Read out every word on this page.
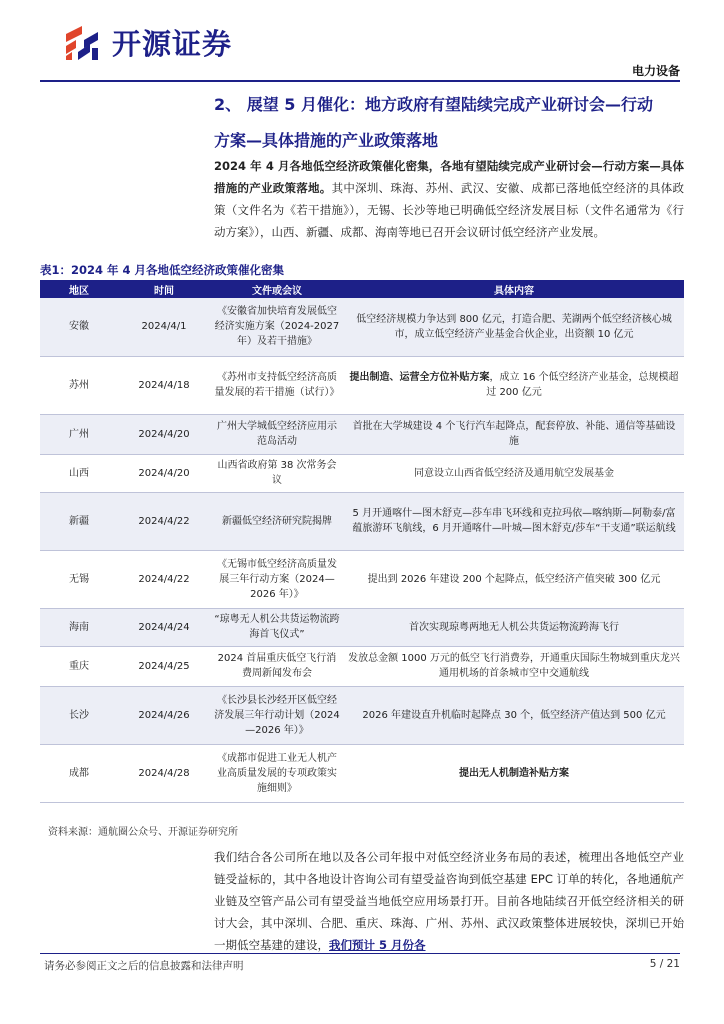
开源证券
电力设备
2、 展望 5 月催化：地方政府有望陆续完成产业研讨会—行动
方案—具体措施的产业政策落地
2024 年 4 月各地低空经济政策催化密集，各地有望陆续完成产业研讨会—行动方案—具体措施的产业政策落地。其中深圳、珠海、苏州、武汉、安徽、成都已落地低空经济的具体政策（文件名为《若干措施》），无锡、长沙等地已明确低空经济发展目标（文件名通常为《行动方案》），山西、新疆、成都、海南等地已召开会议研讨低空经济产业发展。
表1：2024 年 4 月各地低空经济政策催化密集
地区	时间	文件或会议	具体内容
安徽	2024/4/1	《安徽省加快培育发展低空经济实施方案（2024-2027 年）及若干措施》	低空经济规模力争达到 800 亿元，打造合肥、芜湖两个低空经济核心城市，成立低空经济产业基金合伙企业，出资额 10 亿元
苏州	2024/4/18	《苏州市支持低空经济高质量发展的若干措施（试行）》	提出制造、运营全方位补贴方案，成立 16 个低空经济产业基金，总规模超过 200 亿元
广州	2024/4/20	广州大学城低空经济应用示范岛活动	首批在大学城建设 4 个飞行汽车起降点，配套停放、补能、通信等基础设施
山西	2024/4/20	山西省政府第 38 次常务会议	同意设立山西省低空经济及通用航空发展基金
新疆	2024/4/22	新疆低空经济研究院揭牌	5 月开通喀什—图木舒克—莎车串飞环线和克拉玛依—喀纳斯—阿勒泰/富蕴旅游环飞航线，6 月开通喀什—叶城—图木舒克/莎车“干支通”联运航线
无锡	2024/4/22	《无锡市低空经济高质量发展三年行动方案（2024—2026 年）》	提出到 2026 年建设 200 个起降点，低空经济产值突破 300 亿元
海南	2024/4/24	“琼粤无人机公共货运物流跨海首飞仪式”	首次实现琼粤两地无人机公共货运物流跨海飞行
重庆	2024/4/25	2024 首届重庆低空飞行消费周新闻发布会	发放总金额 1000 万元的低空飞行消费券，开通重庆国际生物城到重庆龙兴通用机场的首条城市空中交通航线
长沙	2024/4/26	《长沙县长沙经开区低空经济发展三年行动计划（2024—2026 年）》	2026 年建设直升机临时起降点 30 个，低空经济产值达到 500 亿元
成都	2024/4/28	《成都市促进工业无人机产业高质量发展的专项政策实施细则》	提出无人机制造补贴方案
资料来源：通航圈公众号、开源证券研究所
我们结合各公司所在地以及各公司年报中对低空经济业务布局的表述，梳理出各地低空产业链受益标的，其中各地设计咨询公司有望受益咨询到低空基建 EPC 订单的转化，各地通航产业链及空管产品公司有望受益当地低空应用场景打开。目前各地陆续召开低空经济相关的研讨大会，其中深圳、合肥、重庆、珠海、广州、苏州、武汉政策整体进展较快，深圳已开始一期低空基建的建设，我们预计 5 月份各
请务必参阅正文之后的信息披露和法律声明	5 / 21
